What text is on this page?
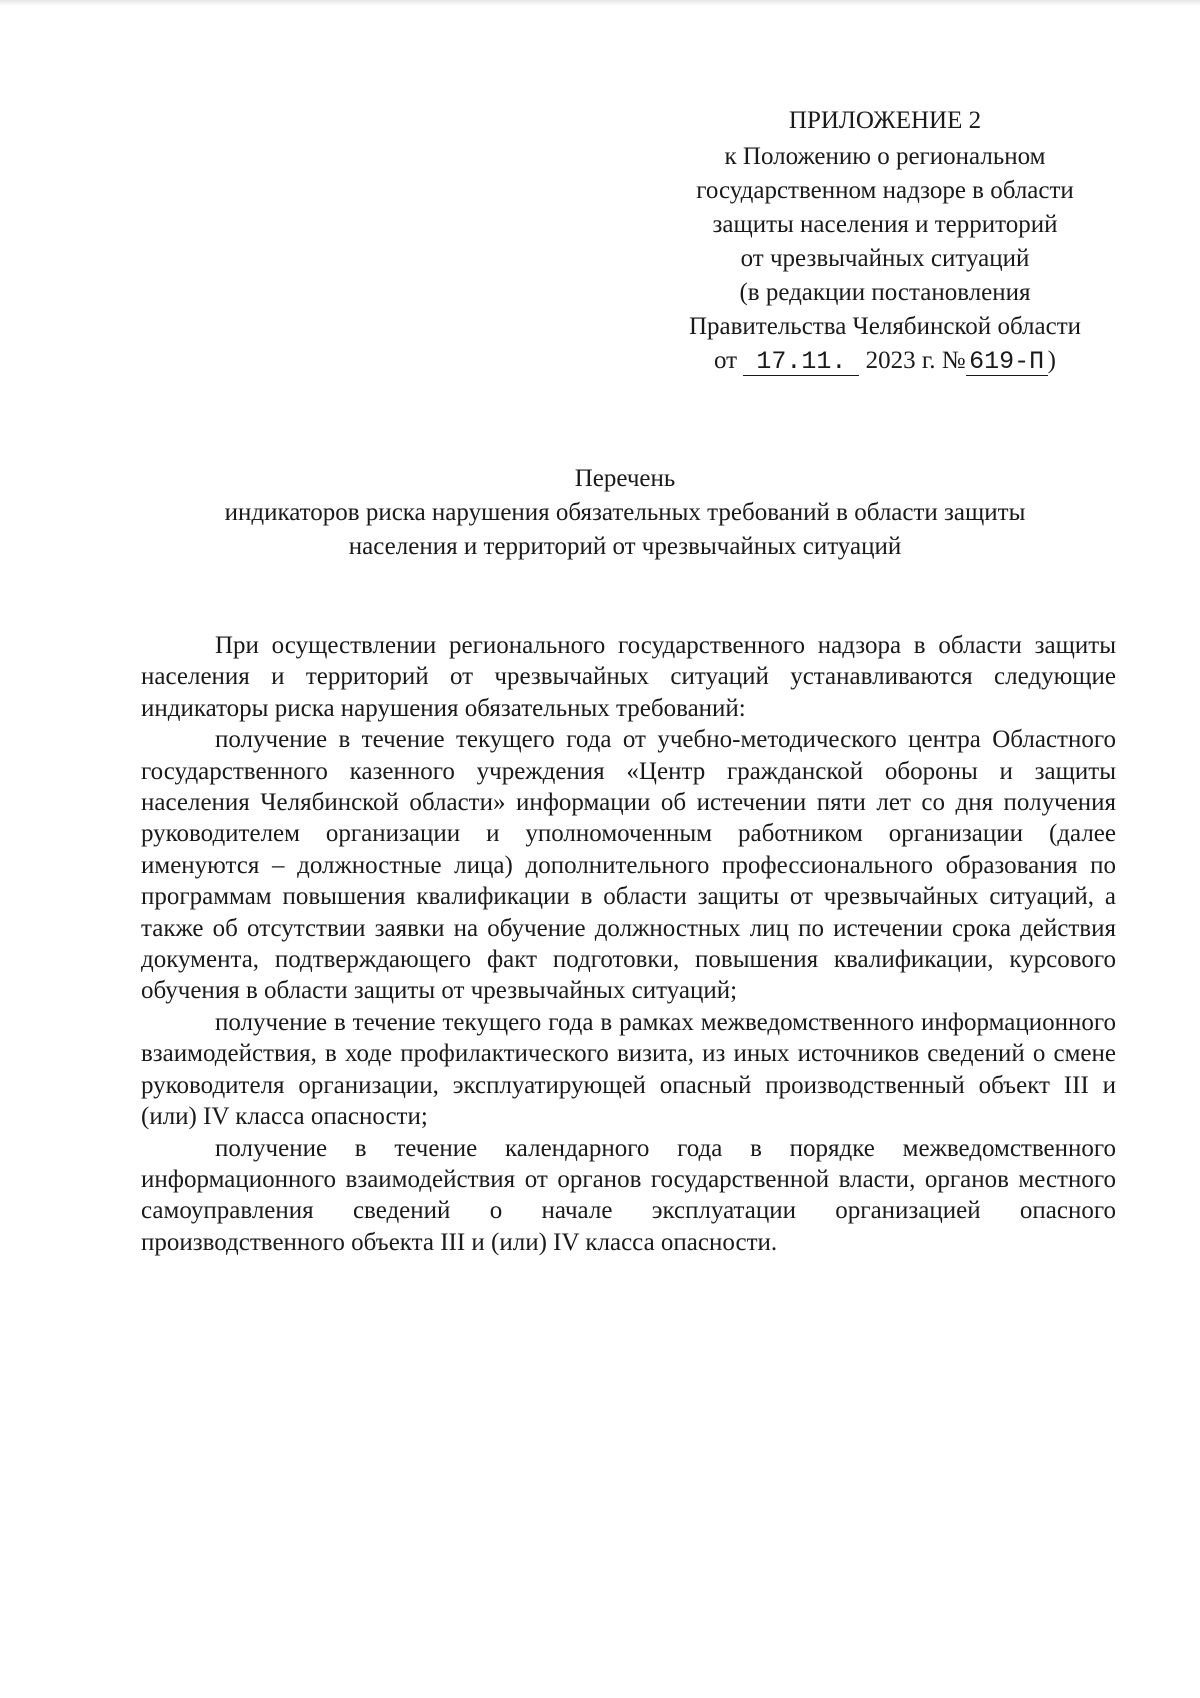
ПРИЛОЖЕНИЕ 2
к Положению о региональном
государственном надзоре в области
защиты населения и территорий
от чрезвычайных ситуаций
(в редакции постановления
Правительства Челябинской области
от 17.11. 2023 г. № 619-П )
Перечень
индикаторов риска нарушения обязательных требований в области защиты
населения и территорий от чрезвычайных ситуаций

При осуществлении регионального государственного надзора в области защиты населения и территорий от чрезвычайных ситуаций устанавливаются следующие индикаторы риска нарушения обязательных требований:

получение в течение текущего года от учебно-методического центра Областного государственного казенного учреждения «Центр гражданской обороны и защиты населения Челябинской области» информации об истечении пяти лет со дня получения руководителем организации и уполномоченным работником организации (далее именуются – должностные лица) дополнительного профессионального образования по программам повышения квалификации в области защиты от чрезвычайных ситуаций, а также об отсутствии заявки на обучение должностных лиц по истечении срока действия документа, подтверждающего факт подготовки, повышения квалификации, курсового обучения в области защиты от чрезвычайных ситуаций;

получение в течение текущего года в рамках межведомственного информационного взаимодействия, в ходе профилактического визита, из иных источников сведений о смене руководителя организации, эксплуатирующей опасный производственный объект III и (или) IV класса опасности;

получение в течение календарного года в порядке межведомственного информационного взаимодействия от органов государственной власти, органов местного самоуправления сведений о начале эксплуатации организацией опасного производственного объекта III и (или) IV класса опасности.
